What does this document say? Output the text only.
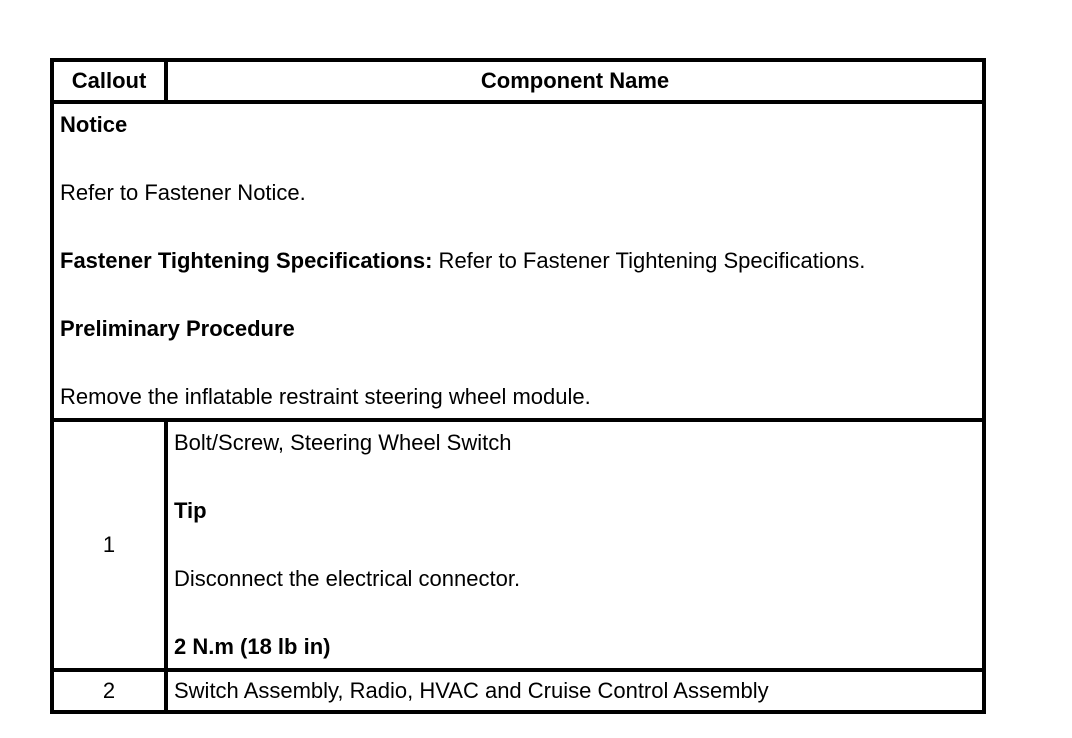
Callout	Component Name

Notice

Refer to Fastener Notice.

Fastener Tightening Specifications: Refer to Fastener Tightening Specifications.

Preliminary Procedure

Remove the inflatable restraint steering wheel module.	

1	Bolt/Screw, Steering Wheel Switch

Tip

Disconnect the electrical connector.

2 N.m (18 lb in)

2	Switch Assembly, Radio, HVAC and Cruise Control Assembly
